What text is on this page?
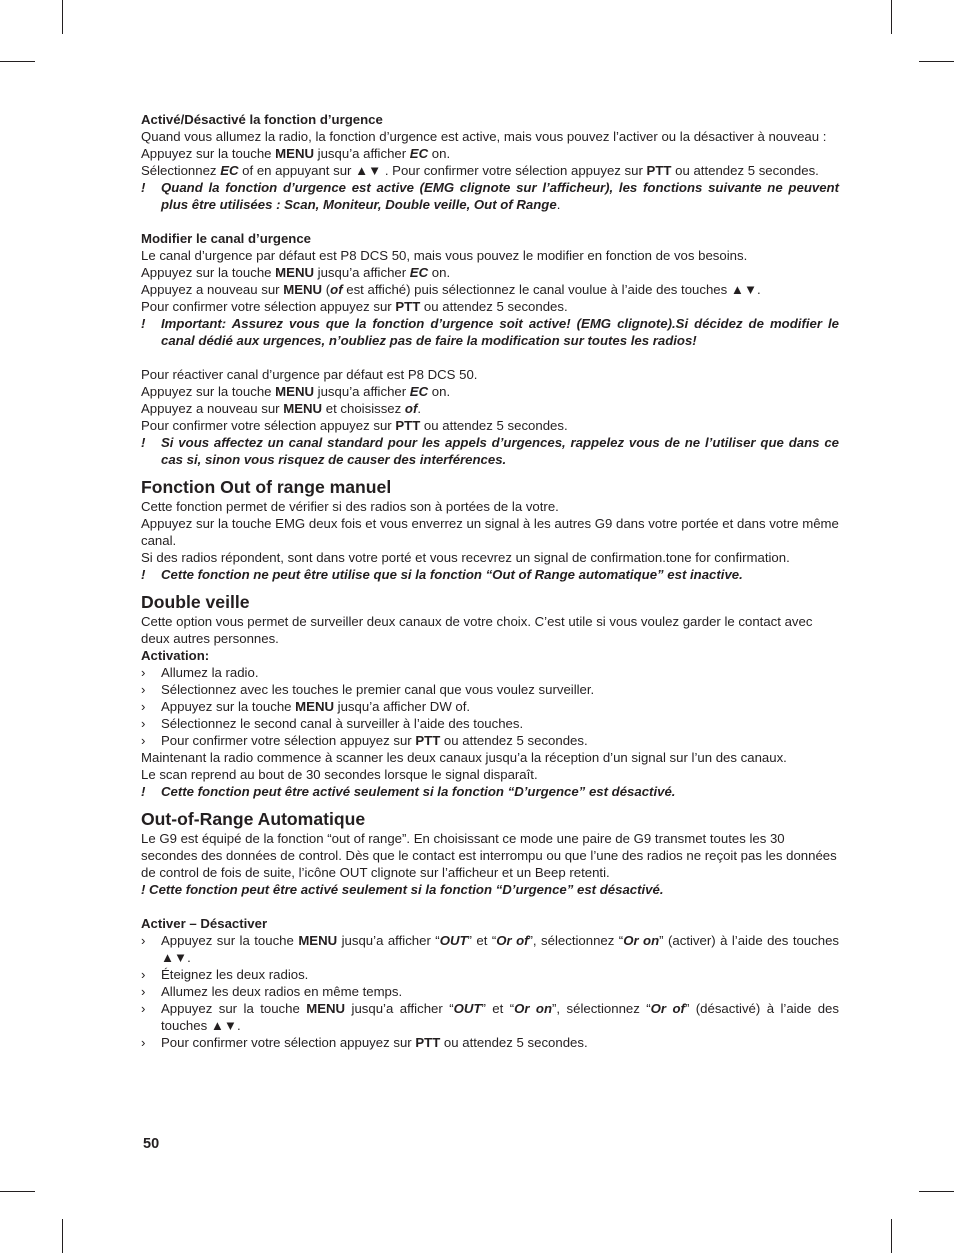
Activé/Désactivé la fonction d’urgence

Quand vous allumez la radio, la fonction d’urgence est active, mais vous pouvez l’activer ou la désactiver à nouveau :

Appuyez sur la touche MENU jusqu’a afficher EC on.

Sélectionnez EC of en appuyant sur ▲▼ . Pour confirmer votre sélection appuyez sur PTT ou attendez 5 secondes.

!	Quand la fonction d’urgence est active (EMG clignote sur l’afficheur), les fonctions suivante ne peuvent plus être utilisées : Scan, Moniteur, Double veille, Out of Range.

Modifier le canal d’urgence

Le canal d’urgence par défaut est P8 DCS 50, mais vous pouvez le modifier en fonction de vos besoins.

Appuyez sur la touche MENU jusqu’a afficher EC on.

Appuyez a nouveau sur MENU (of est affiché) puis sélectionnez le canal voulue à l’aide des touches ▲▼.

Pour confirmer votre sélection appuyez sur PTT ou attendez 5 secondes.

!	Important: Assurez vous que la fonction d’urgence soit active! (EMG clignote).Si décidez de modifier le canal dédié aux urgences, n’oubliez pas de faire la modification sur toutes les radios!

Pour réactiver canal d’urgence par défaut est P8 DCS 50.

Appuyez sur la touche MENU jusqu’a afficher EC on.

Appuyez a nouveau sur MENU et choisissez of.

Pour confirmer votre sélection appuyez sur PTT ou attendez 5 secondes.

!	Si vous affectez un canal standard pour les appels d’urgences, rappelez vous de ne l’utiliser que dans ce cas si, sinon vous risquez de causer des interférences.

Fonction Out of range manuel

Cette fonction permet de vérifier si des radios son à portées de la votre.

Appuyez sur la touche EMG deux fois et vous enverrez un signal à les autres G9 dans votre portée et dans votre même canal.

Si des radios répondent, sont dans votre porté et vous recevrez un signal de confirmation.tone for confirmation.

!	Cette fonction ne peut être utilise que si la fonction “Out of Range automatique” est inactive.

Double veille

Cette option vous permet de surveiller deux canaux de votre choix. C’est utile si vous voulez garder le contact avec deux autres personnes.

Activation:

›	Allumez la radio.
›	Sélectionnez avec les touches le premier canal que vous voulez surveiller.
›	Appuyez sur la touche MENU jusqu’a afficher DW of.
›	Sélectionnez le second canal à surveiller à l’aide des touches.
›	Pour confirmer votre sélection appuyez sur PTT ou attendez 5 secondes.

Maintenant la radio commence à scanner les deux canaux jusqu’a la réception d’un signal sur l’un des canaux.

Le scan reprend au bout de 30 secondes lorsque le signal disparaît.

!	Cette fonction peut être activé seulement si la fonction “D’urgence” est désactivé.

Out-of-Range Automatique

Le G9 est équipé de la fonction “out of range”. En choisissant ce mode une paire de G9 transmet toutes les 30 secondes des données de control. Dès que le contact est interrompu ou que l’une des radios ne reçoit pas les données de control de fois de suite, l’icône OUT clignote sur l’afficheur et un Beep retenti.

! Cette fonction peut être activé seulement si la fonction “D’urgence” est désactivé.

Activer – Désactiver

›	Appuyez sur la touche MENU jusqu’a afficher “OUT” et “Or of”, sélectionnez “Or on” (activer) à l’aide des touches ▲▼.
›	Éteignez les deux radios.
›	Allumez les deux radios en même temps.
›	Appuyez sur la touche MENU jusqu’a afficher “OUT” et “Or on”, sélectionnez “Or of” (désactivé) à l’aide des touches ▲▼.
›	Pour confirmer votre sélection appuyez sur PTT ou attendez 5 secondes.
50
